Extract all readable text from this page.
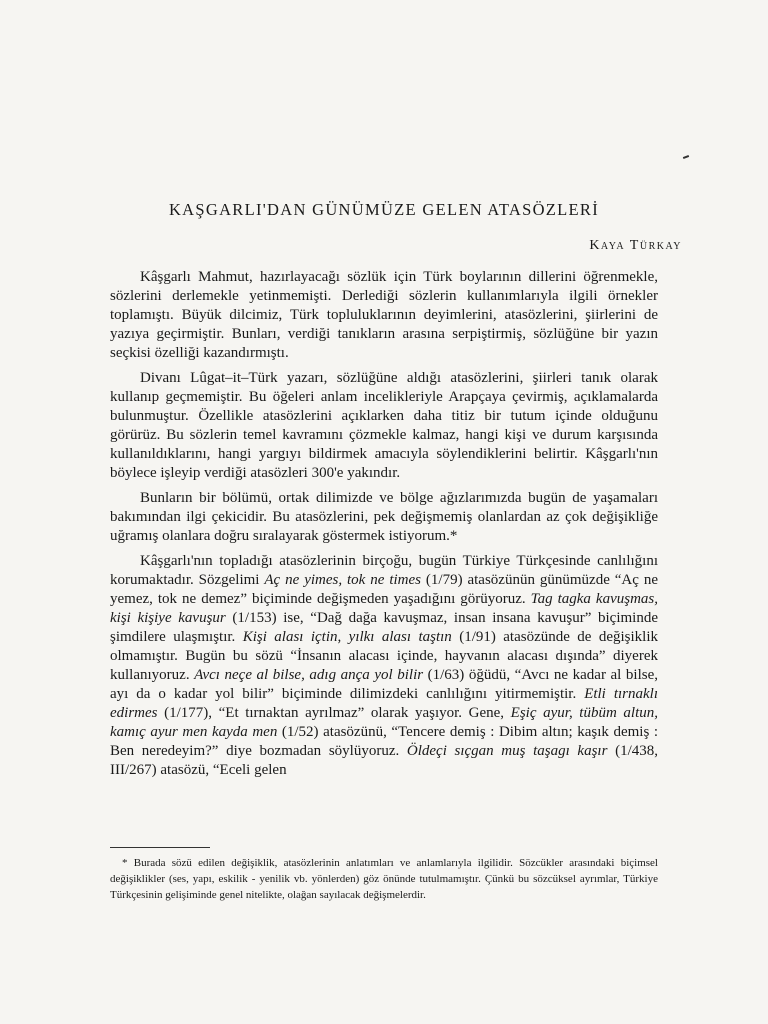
KAŞGARLI'DAN GÜNÜMÜZE GELEN ATASÖZLERİ
Kaya Türkay

Kâşgarlı Mahmut, hazırlayacağı sözlük için Türk boylarının dillerini öğrenmekle, sözlerini derlemekle yetinmemişti. Derlediği sözlerin kullanımlarıyla ilgili örnekler toplamıştı. Büyük dilcimiz, Türk topluluklarının deyimlerini, atasözlerini, şiirlerini de yazıya geçirmiştir. Bunları, verdiği tanıkların arasına serpiştirmiş, sözlüğüne bir yazın seçkisi özelliği kazandırmıştı.

Divanı Lûgat–it–Türk yazarı, sözlüğüne aldığı atasözlerini, şiirleri tanık olarak kullanıp geçmemiştir. Bu öğeleri anlam incelikleriyle Arapçaya çevirmiş, açıklamalarda bulunmuştur. Özellikle atasözlerini açıklarken daha titiz bir tutum içinde olduğunu görürüz. Bu sözlerin temel kavramını çözmekle kalmaz, hangi kişi ve durum karşısında kullanıldıklarını, hangi yargıyı bildirmek amacıyla söylendiklerini belirtir. Kâşgarlı'nın böylece işleyip verdiği atasözleri 300'e yakındır.

Bunların bir bölümü, ortak dilimizde ve bölge ağızlarımızda bugün de yaşamaları bakımından ilgi çekicidir. Bu atasözlerini, pek değişmemiş olanlardan az çok değişikliğe uğramış olanlara doğru sıralayarak göstermek istiyorum.*

Kâşgarlı'nın topladığı atasözlerinin birçoğu, bugün Türkiye Türkçesinde canlılığını korumaktadır. Sözgelimi Aç ne yimes, tok ne times (1/79) atasözünün günümüzde “Aç ne yemez, tok ne demez” biçiminde değişmeden yaşadığını görüyoruz. Tag tagka kavuşmas, kişi kişiye kavuşur (1/153) ise, “Dağ dağa kavuşmaz, insan insana kavuşur” biçiminde şimdilere ulaşmıştır. Kişi alası içtin, yılkı alası taştın (1/91) atasözünde de değişiklik olmamıştır. Bugün bu sözü “İnsanın alacası içinde, hayvanın alacası dışında” diyerek kullanıyoruz. Avcı neçe al bilse, adıg ança yol bilir (1/63) öğüdü, “Avcı ne kadar al bilse, ayı da o kadar yol bilir” biçiminde dilimizdeki canlılığını yitirmemiştir. Etli tırnaklı edirmes (1/177), “Et tırnaktan ayrılmaz” olarak yaşıyor. Gene, Eşiç ayur, tübüm altun, kamıç ayur men kayda men (1/52) atasözünü, “Tencere demiş : Dibim altın; kaşık demiş : Ben neredeyim?” diye bozmadan söylüyoruz. Öldeçi sıçgan muş taşagı kaşır (1/438, III/267) atasözü, “Eceli gelen

* Burada sözü edilen değişiklik, atasözlerinin anlatımları ve anlamlarıyla ilgilidir. Sözcükler arasındaki biçimsel değişiklikler (ses, yapı, eskilik - yenilik vb. yönlerden) göz önünde tutulmamıştır. Çünkü bu sözcüksel ayrımlar, Türkiye Türkçesinin gelişiminde genel nitelikte, olağan sayılacak değişmelerdir.
